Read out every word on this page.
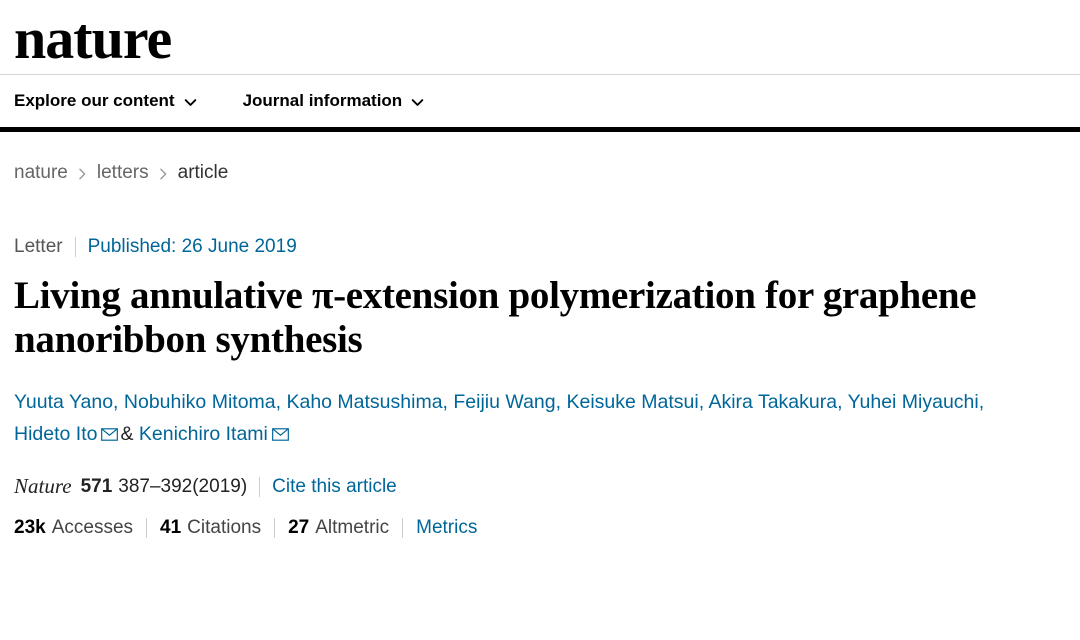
nature
Explore our content	Journal information
nature letters article
Letter Published: 26 June 2019
Living annulative π-extension polymerization for graphene nanoribbon synthesis
Yuuta Yano, Nobuhiko Mitoma, Kaho Matsushima, Feijiu Wang, Keisuke Matsui, Akira Takakura, Yuhei Miyauchi, Hideto Ito & Kenichiro Itami
Nature 571 387–392(2019) Cite this article
23k Accesses 41 Citations 27 Altmetric Metrics
